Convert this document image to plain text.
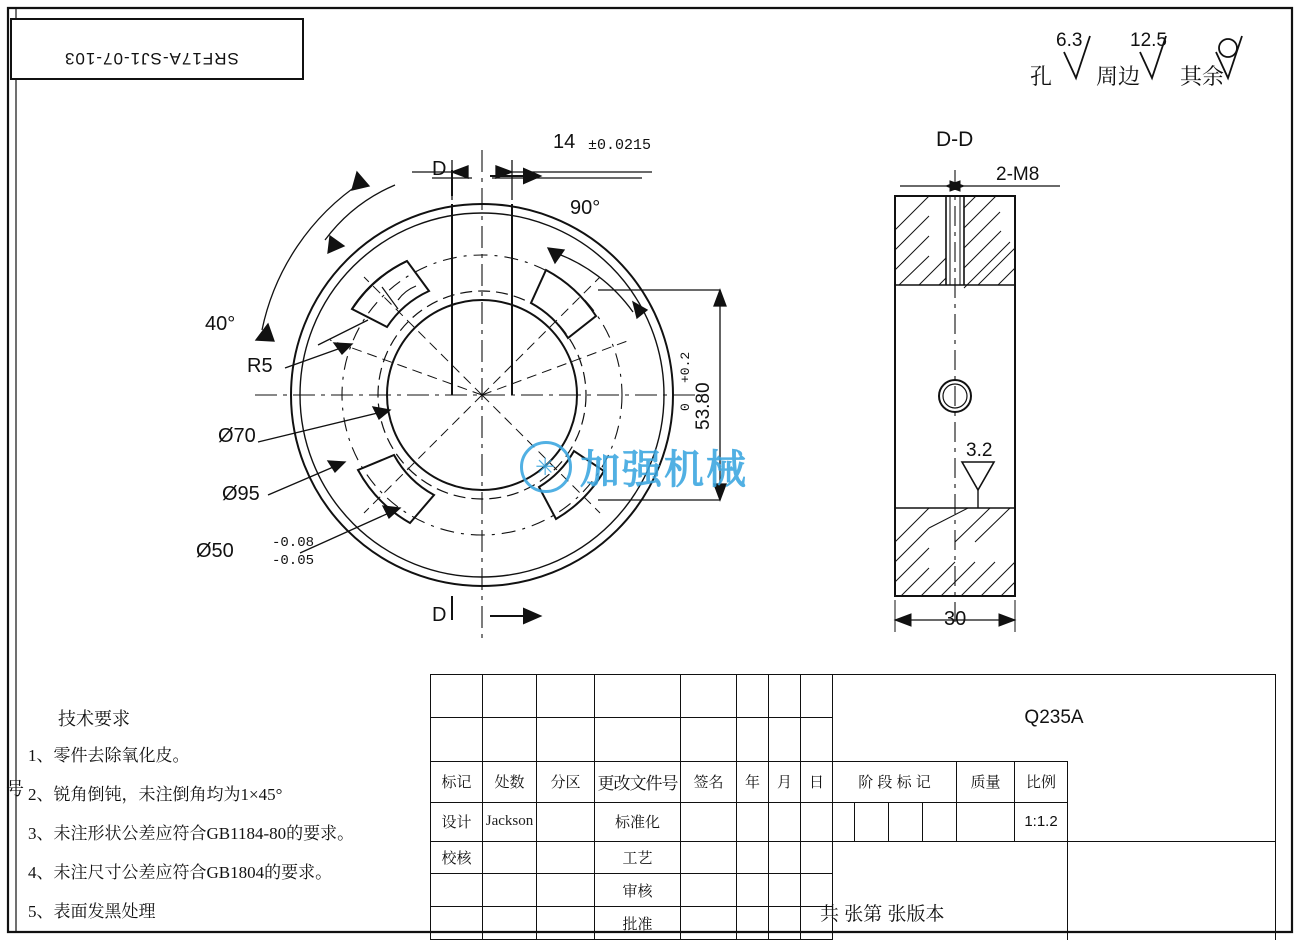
SRF17A-SJ1-07-103
孔
6.3
周边
12.5
其余
14 ±0.0215
90°
40°
R5
Ø70
Ø95
Ø50	-0.08
-0.05
53.80
+0.2
0
D
D
D-D
2-M8
3.2
30
✳ 加强机械
号
技术要求
1、零件去除氧化皮。
2、锐角倒钝，未注倒角均为1×45°
3、未注形状公差应符合GB1184-80的要求。
4、未注尺寸公差应符合GB1804的要求。
5、表面发黑处理
								Q235A	

标记	处数	分区	更改文件号	签名	年	月	日	阶 段 标 记				质量	比例		
设计	Jackson		标准化										1:1.2		
校核			工艺												
			审核												
			批准													共 张第 张版本
